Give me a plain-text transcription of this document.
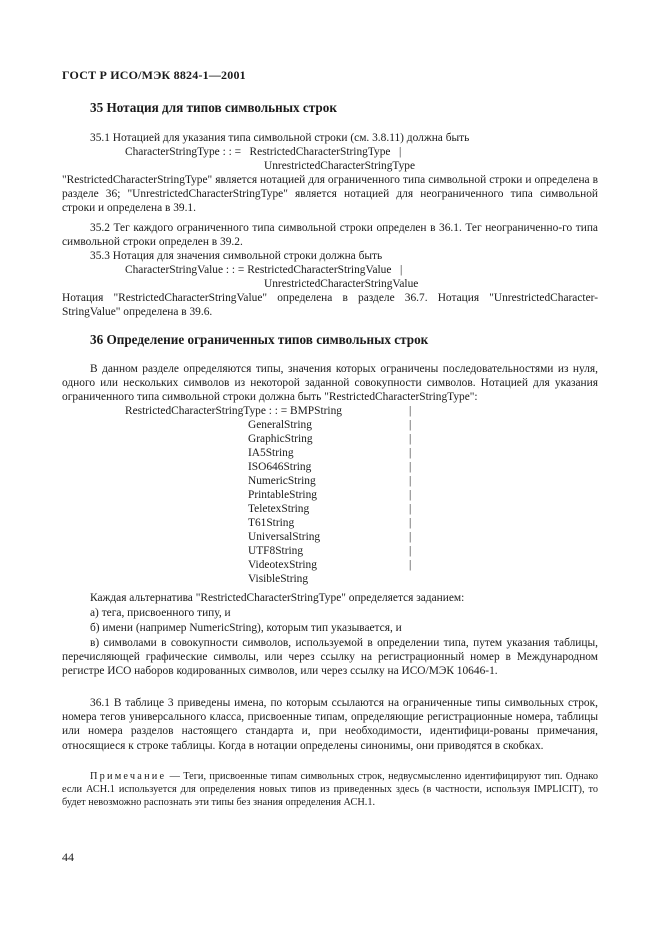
ГОСТ Р ИСО/МЭК 8824-1—2001
35 Нотация для типов символьных строк

35.1 Нотацией для указания типа символьной строки (см. 3.8.11) должна быть

CharacterStringType : : =   RestrictedCharacterStringType   |
UnrestrictedCharacterStringType

"RestrictedCharacterStringType" является нотацией для ограниченного типа символьной строки и определена в разделе 36; "UnrestrictedCharacterStringType" является нотацией для неограниченного типа символьной строки и определена в 39.1.

35.2 Тег каждого ограниченного типа символьной строки определен в 36.1. Тег неограниченно-го типа символьной строки определен в 39.2.

35.3 Нотация для значения символьной строки должна быть

CharacterStringValue : : = RestrictedCharacterStringValue   |
UnrestrictedCharacterStringValue

Нотация "RestrictedCharacterStringValue" определена в разделе 36.7. Нотация "UnrestrictedCharacter-StringValue" определена в 39.6.

36 Определение ограниченных типов символьных строк

В данном разделе определяются типы, значения которых ограничены последовательностями из нуля, одного или нескольких символов из некоторой заданной совокупности символов. Нотацией для указания ограниченного типа символьной строки должна быть "RestrictedCharacterStringType":

RestrictedCharacterStringType : : = BMPString	|
GeneralString	|
GraphicString	|
IA5String	|
ISO646String	|
NumericString	|
PrintableString	|
TeletexString	|
T61String	|
UniversalString	|
UTF8String	|
VideotexString	|
VisibleString

Каждая альтернатива "RestrictedCharacterStringType" определяется заданием:

а) тега, присвоенного типу, и

б) имени (например NumericString), которым тип указывается, и

в) символами в совокупности символов, используемой в определении типа, путем указания таблицы, перечисляющей графические символы, или через ссылку на регистрационный номер в Международном регистре ИСО наборов кодированных символов, или через ссылку на ИСО/МЭК 10646-1.

36.1 В таблице 3 приведены имена, по которым ссылаются на ограниченные типы символьных строк, номера тегов универсального класса, присвоенные типам, определяющие регистрационные номера, таблицы или номера разделов настоящего стандарта и, при необходимости, идентифици-рованы примечания, относящиеся к строке таблицы. Когда в нотации определены синонимы, они приводятся в скобках.

Примечание — Теги, присвоенные типам символьных строк, недвусмысленно идентифицируют тип. Однако если АСН.1 используется для определения новых типов из приведенных здесь (в частности, используя IMPLICIT), то будет невозможно распознать эти типы без знания определения АСН.1.
44
